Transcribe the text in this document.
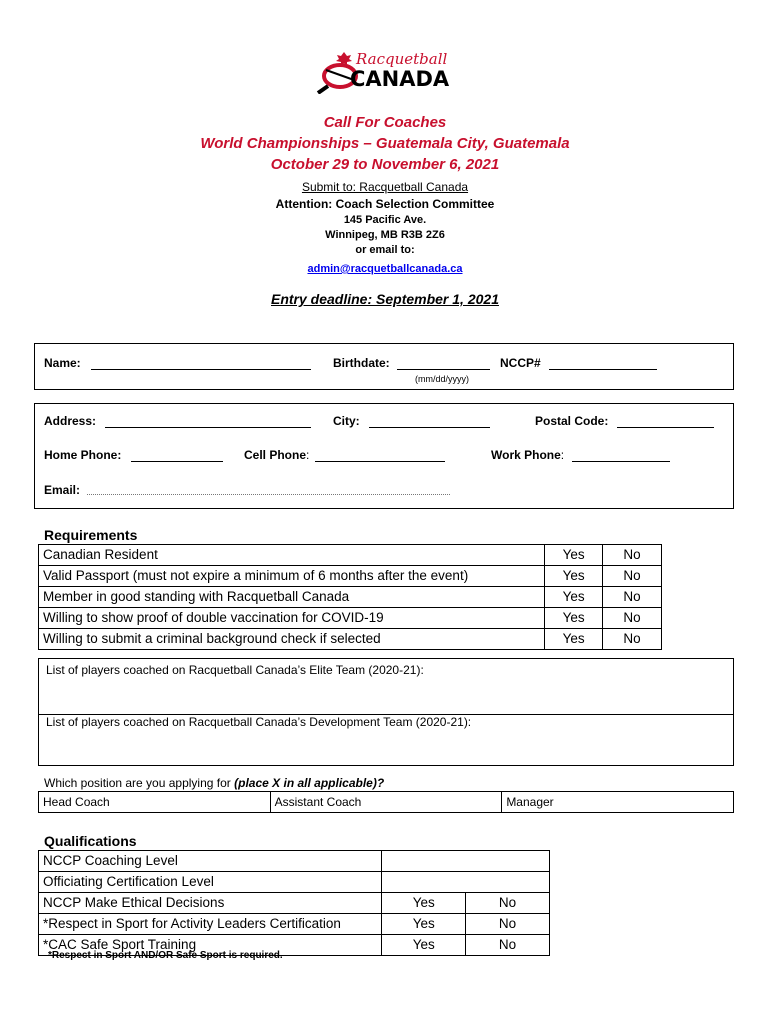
Racquetball
CANADA
Call For Coaches
World Championships – Guatemala City, Guatemala
October 29 to November 6, 2021
Submit to: Racquetball Canada
Attention: Coach Selection Committee
145 Pacific Ave.
Winnipeg, MB R3B 2Z6
or email to:
admin@racquetballcanada.ca
Entry deadline: September 1, 2021
Name:	Birthdate:	NCCP#
(mm/dd/yyyy)
Address:	City:	Postal Code:
Home Phone:	Cell Phone:	Work Phone:
Email:
Requirements
Canadian Resident	Yes	No
Valid Passport (must not expire a minimum of 6 months after the event)	Yes	No
Member in good standing with Racquetball Canada	Yes	No
Willing to show proof of double vaccination for COVID-19	Yes	No
Willing to submit a criminal background check if selected	Yes	No
List of players coached on Racquetball Canada’s Elite Team (2020-21):
List of players coached on Racquetball Canada’s Development Team (2020-21):
Which position are you applying for (place X in all applicable)?
Head Coach	Assistant Coach	Manager
Qualifications
NCCP Coaching Level		
Officiating Certification Level		
NCCP Make Ethical Decisions	Yes	No
*Respect in Sport for Activity Leaders Certification	Yes	No
*CAC Safe Sport Training	Yes	No
*Respect in Sport AND/OR Safe Sport is required.
